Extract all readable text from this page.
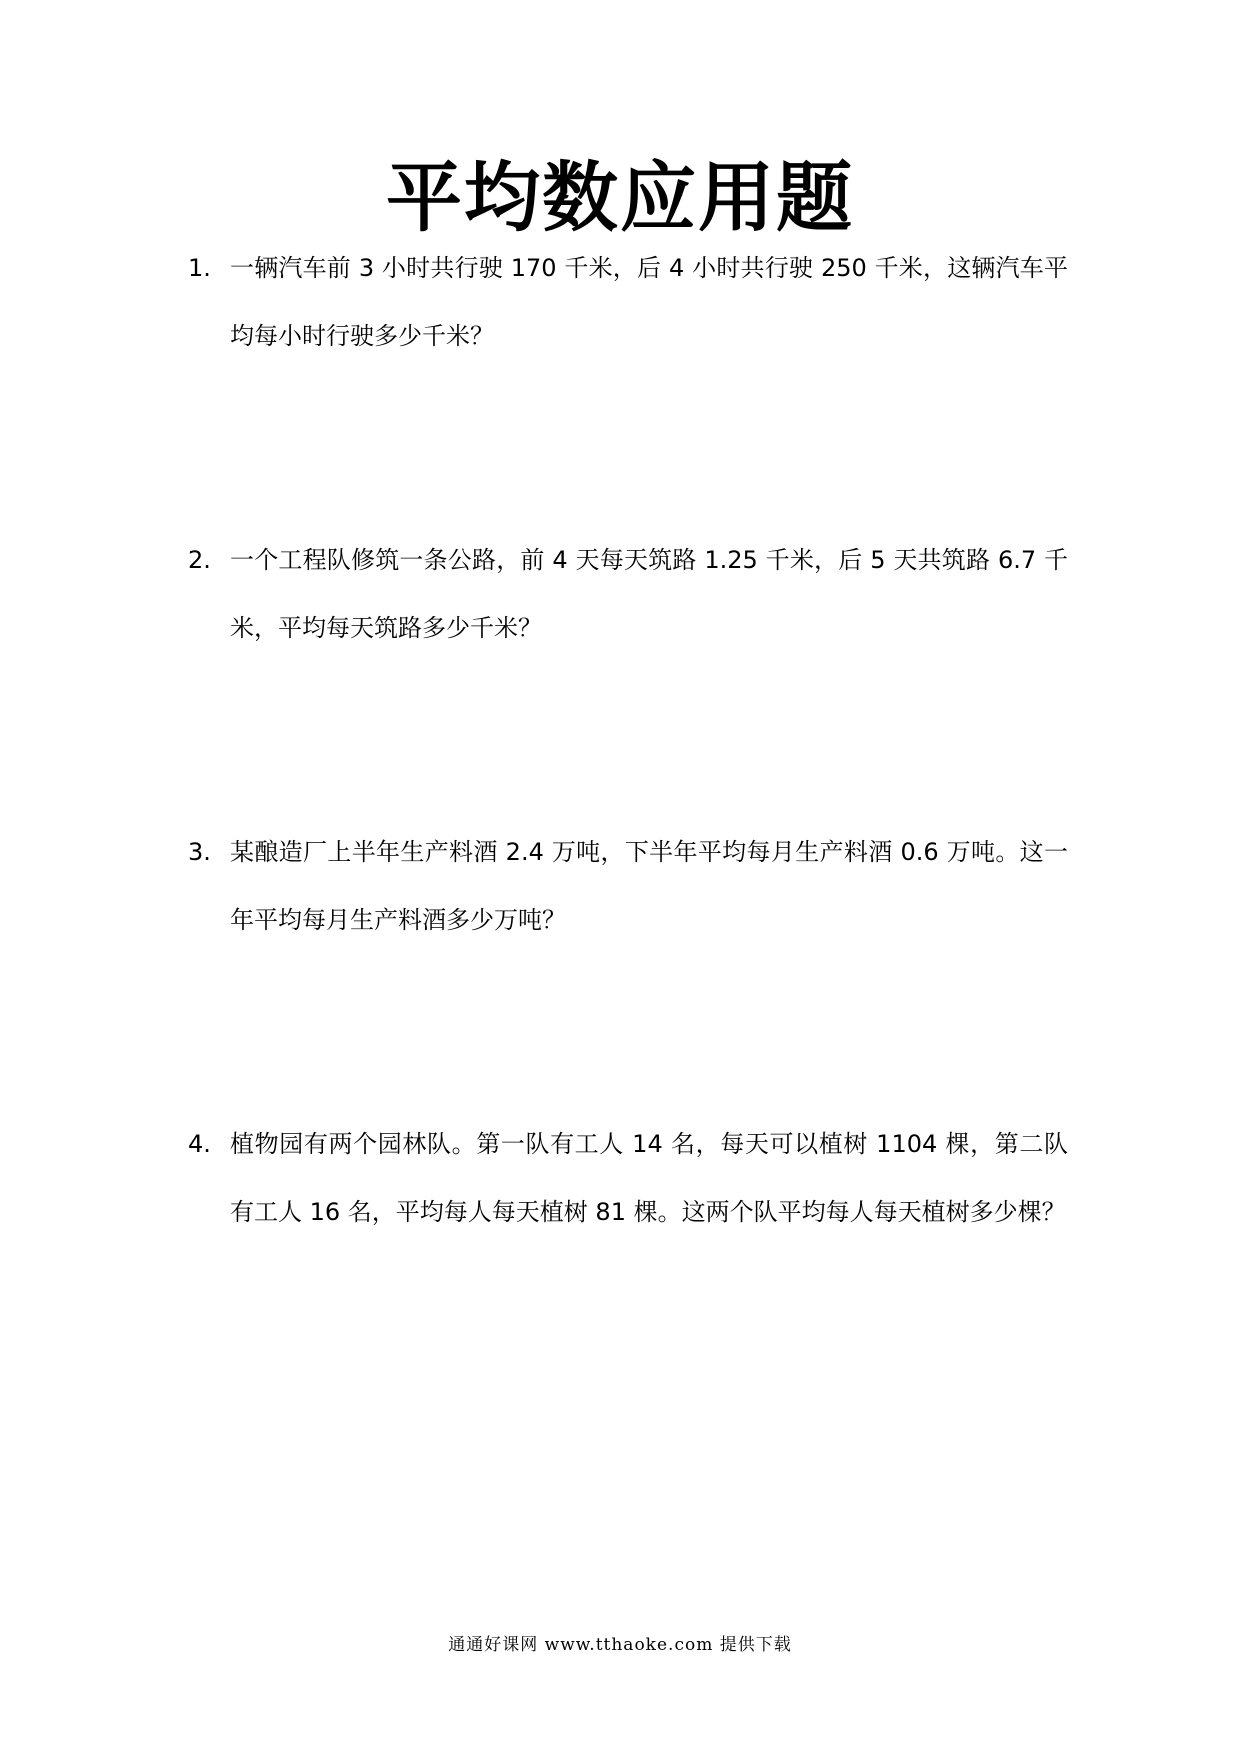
平均数应用题
1. 一辆汽车前 3 小时共行驶 170 千米，后 4 小时共行驶 250 千米，这辆汽车平均每小时行驶多少千米？
2. 一个工程队修筑一条公路，前 4 天每天筑路 1.25 千米，后 5 天共筑路 6.7 千米，平均每天筑路多少千米？
3. 某酿造厂上半年生产料酒 2.4 万吨，下半年平均每月生产料酒 0.6 万吨。这一年平均每月生产料酒多少万吨？
4. 植物园有两个园林队。第一队有工人 14 名，每天可以植树 1104 棵，第二队有工人 16 名，平均每人每天植树 81 棵。这两个队平均每人每天植树多少棵？
通通好课网 www.tthaoke.com 提供下载
